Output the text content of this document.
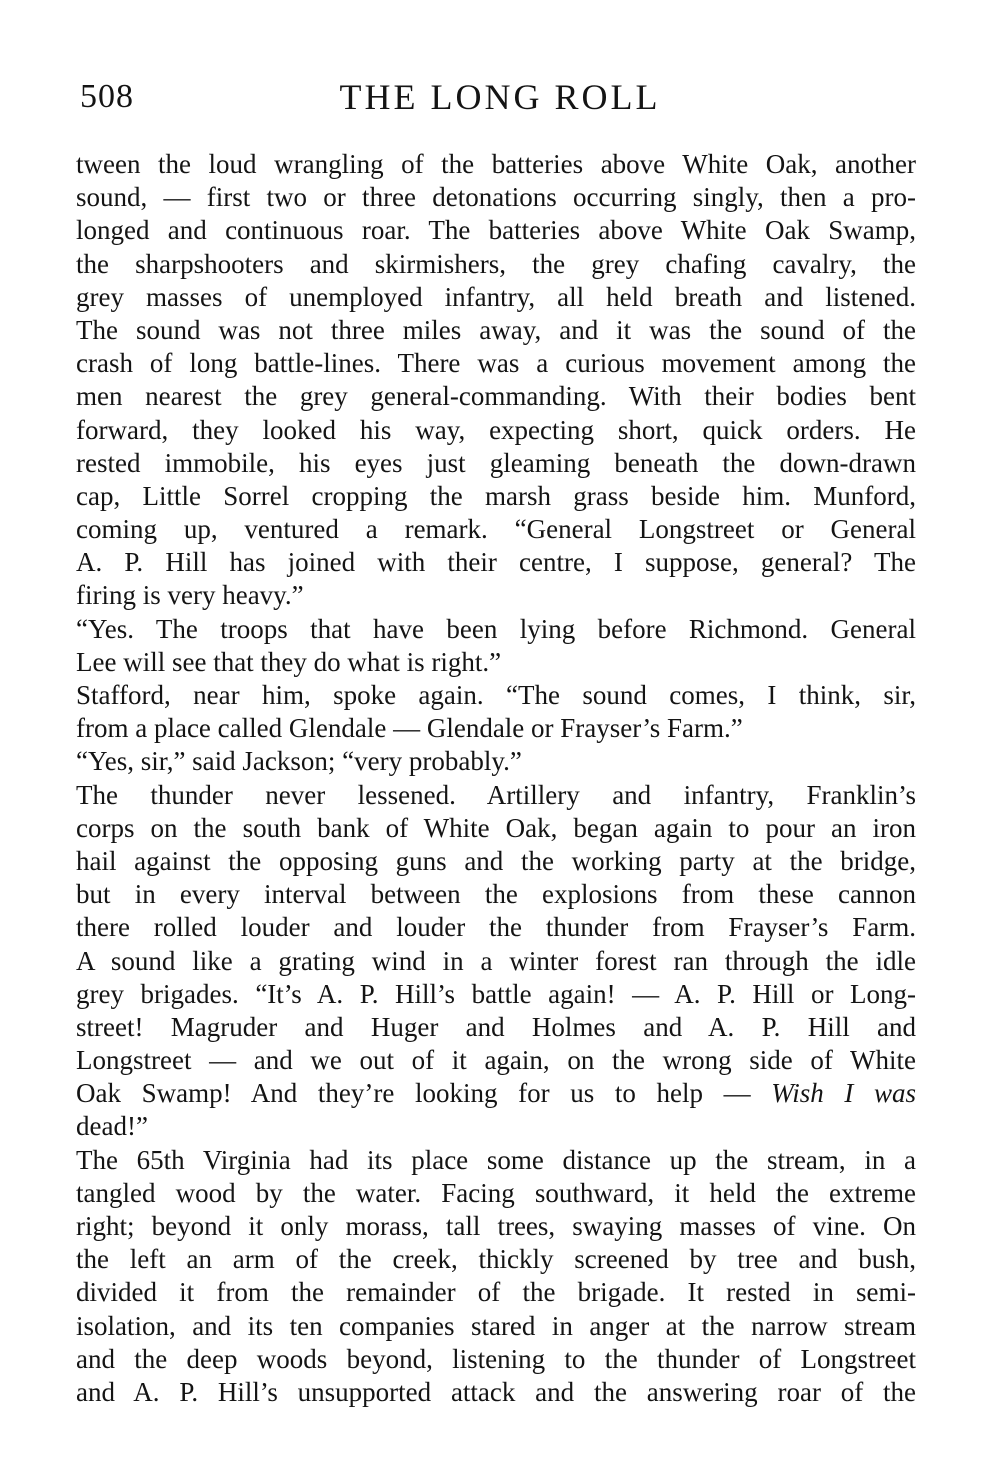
508	THE LONG ROLL
tween the loud wrangling of the batteries above White Oak, another
sound, — first two or three detonations occurring singly, then a pro-
longed and continuous roar. The batteries above White Oak Swamp,
the sharpshooters and skirmishers, the grey chafing cavalry, the
grey masses of unemployed infantry, all held breath and listened.
The sound was not three miles away, and it was the sound of the
crash of long battle-lines. There was a curious movement among the
men nearest the grey general-commanding. With their bodies bent
forward, they looked his way, expecting short, quick orders. He
rested immobile, his eyes just gleaming beneath the down-drawn
cap, Little Sorrel cropping the marsh grass beside him. Munford,
coming up, ventured a remark. “General Longstreet or General
A. P. Hill has joined with their centre, I suppose, general? The
firing is very heavy.”
“Yes. The troops that have been lying before Richmond. General
Lee will see that they do what is right.”
Stafford, near him, spoke again. “The sound comes, I think, sir,
from a place called Glendale — Glendale or Frayser’s Farm.”
“Yes, sir,” said Jackson; “very probably.”
The thunder never lessened. Artillery and infantry, Franklin’s
corps on the south bank of White Oak, began again to pour an iron
hail against the opposing guns and the working party at the bridge,
but in every interval between the explosions from these cannon
there rolled louder and louder the thunder from Frayser’s Farm.
A sound like a grating wind in a winter forest ran through the idle
grey brigades. “It’s A. P. Hill’s battle again! — A. P. Hill or Long-
street! Magruder and Huger and Holmes and A. P. Hill and
Longstreet — and we out of it again, on the wrong side of White
Oak Swamp! And they’re looking for us to help — Wish I was
dead!”
The 65th Virginia had its place some distance up the stream, in a
tangled wood by the water. Facing southward, it held the extreme
right; beyond it only morass, tall trees, swaying masses of vine. On
the left an arm of the creek, thickly screened by tree and bush,
divided it from the remainder of the brigade. It rested in semi-
isolation, and its ten companies stared in anger at the narrow stream
and the deep woods beyond, listening to the thunder of Longstreet
and A. P. Hill’s unsupported attack and the answering roar of the
